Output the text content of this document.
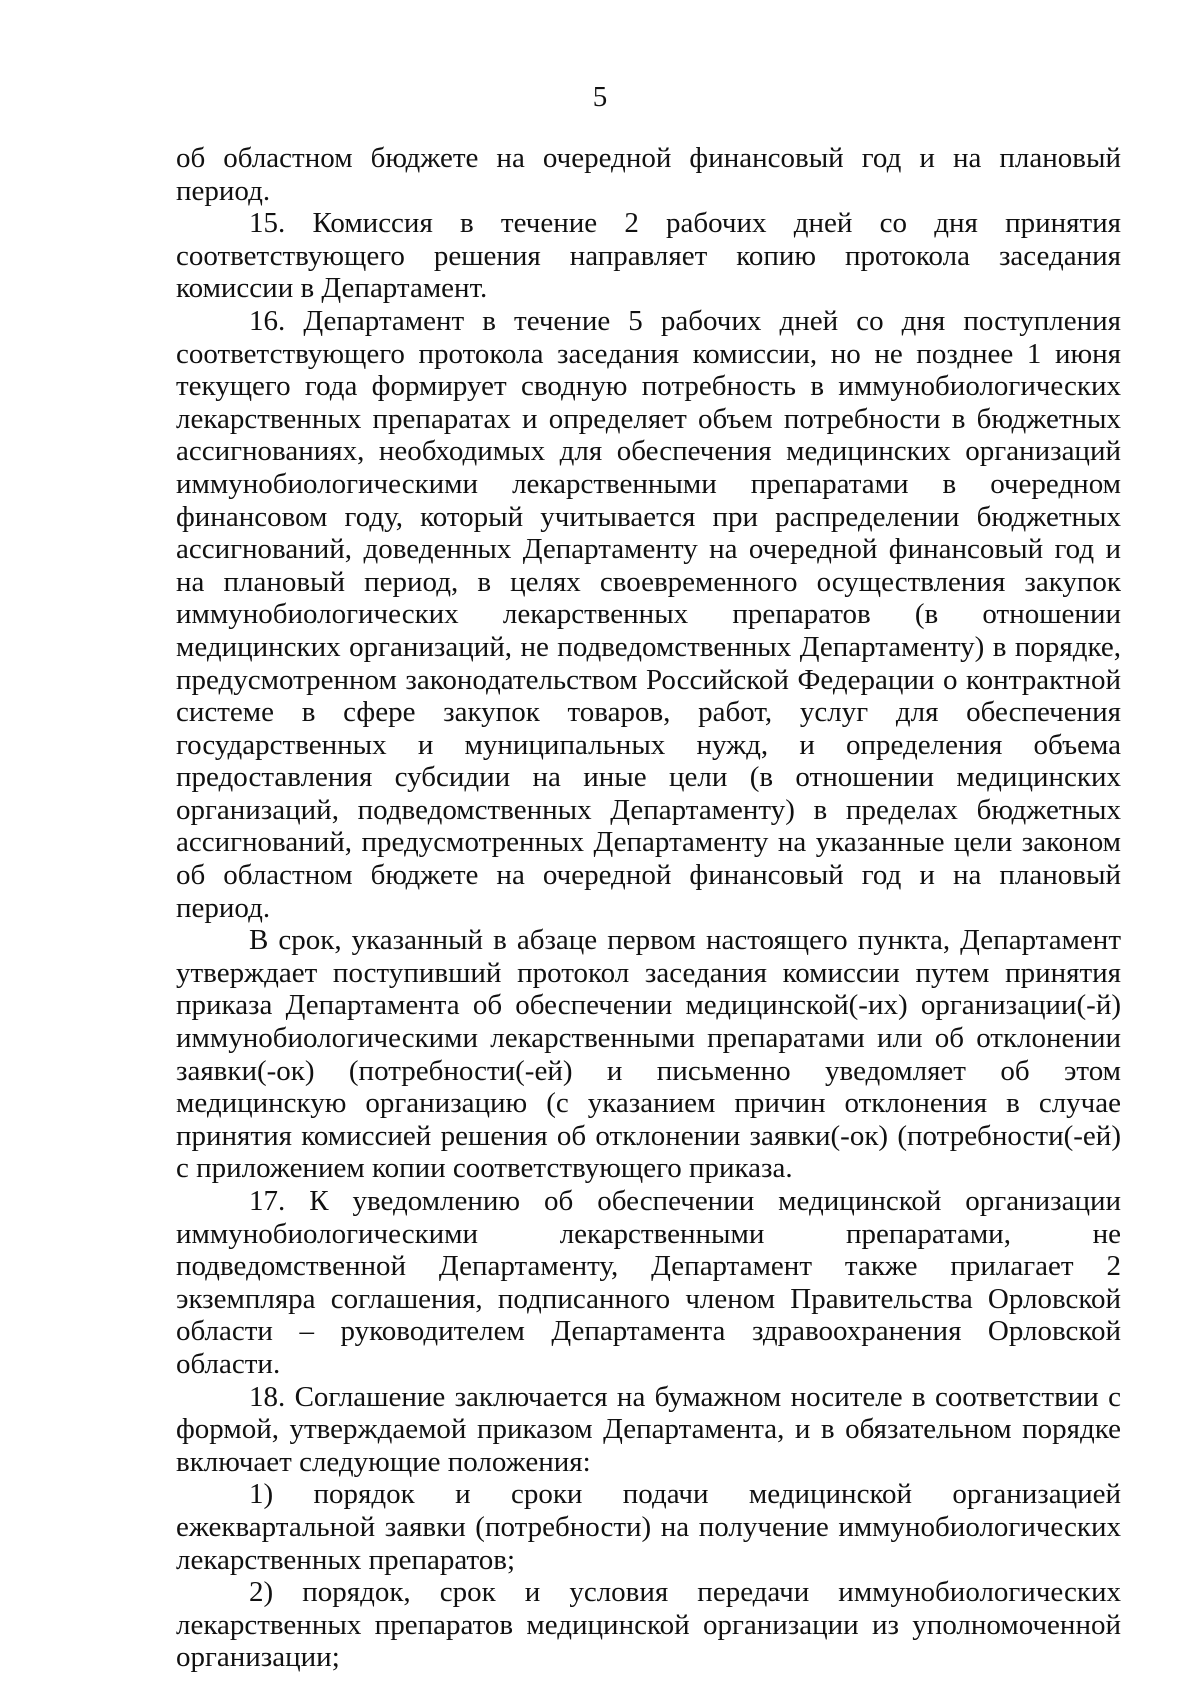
5

об областном бюджете на очередной финансовый год и на плановый период.

15. Комиссия в течение 2 рабочих дней со дня принятия соответствующего решения направляет копию протокола заседания комиссии в Департамент.

16. Департамент в течение 5 рабочих дней со дня поступления соответствующего протокола заседания комиссии, но не позднее 1 июня текущего года формирует сводную потребность в иммунобиологических лекарственных препаратах и определяет объем потребности в бюджетных ассигнованиях, необходимых для обеспечения медицинских организаций иммунобиологическими лекарственными препаратами в очередном финансовом году, который учитывается при распределении бюджетных ассигнований, доведенных Департаменту на очередной финансовый год и на плановый период, в целях своевременного осуществления закупок иммунобиологических лекарственных препаратов (в отношении медицинских организаций, не подведомственных Департаменту) в порядке, предусмотренном законодательством Российской Федерации о контрактной системе в сфере закупок товаров, работ, услуг для обеспечения государственных и муниципальных нужд, и определения объема предоставления субсидии на иные цели (в отношении медицинских организаций, подведомственных Департаменту) в пределах бюджетных ассигнований, предусмотренных Департаменту на указанные цели законом об областном бюджете на очередной финансовый год и на плановый период.

В срок, указанный в абзаце первом настоящего пункта, Департамент утверждает поступивший протокол заседания комиссии путем принятия приказа Департамента об обеспечении медицинской(-их) организации(-й) иммунобиологическими лекарственными препаратами или об отклонении заявки(-ок) (потребности(-ей) и письменно уведомляет об этом медицинскую организацию (с указанием причин отклонения в случае принятия комиссией решения об отклонении заявки(-ок) (потребности(-ей) с приложением копии соответствующего приказа.

17. К уведомлению об обеспечении медицинской организации иммунобиологическими лекарственными препаратами, не подведомственной Департаменту, Департамент также прилагает 2 экземпляра соглашения, подписанного членом Правительства Орловской области – руководителем Департамента здравоохранения Орловской области.

18. Соглашение заключается на бумажном носителе в соответствии с формой, утверждаемой приказом Департамента, и в обязательном порядке включает следующие положения:

1) порядок и сроки подачи медицинской организацией ежеквартальной заявки (потребности) на получение иммунобиологических лекарственных препаратов;

2) порядок, срок и условия передачи иммунобиологических лекарственных препаратов медицинской организации из уполномоченной организации;
